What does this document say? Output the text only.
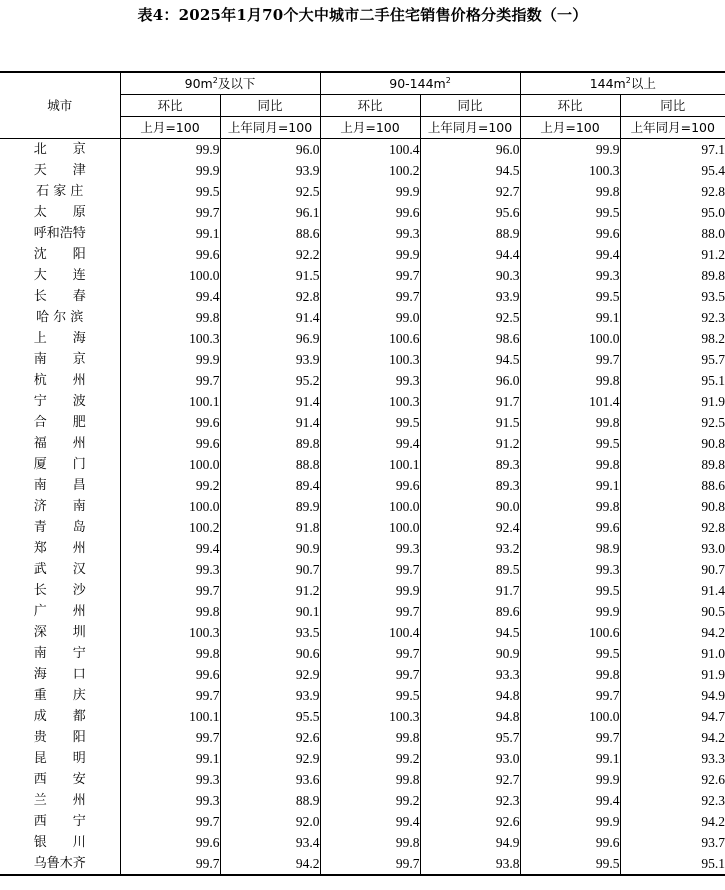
表4：2025年1月70个大中城市二手住宅销售价格分类指数（一）
城市	$90m^2$及以下		$90-144m^2$		$144m^2$以上	
	环比	同比	环比	同比	环比	同比
	上月=100	上年同月=100	上月=100	上年同月=100	上月=100	上年同月=100
北　　京	99.9	96.0	100.4	96.0	99.9	97.1
天　　津	99.9	93.9	100.2	94.5	100.3	95.4
石 家 庄	99.5	92.5	99.9	92.7	99.8	92.8
太　　原	99.7	96.1	99.6	95.6	99.5	95.0
呼和浩特	99.1	88.6	99.3	88.9	99.6	88.0
沈　　阳	99.6	92.2	99.9	94.4	99.4	91.2
大　　连	100.0	91.5	99.7	90.3	99.3	89.8
长　　春	99.4	92.8	99.7	93.9	99.5	93.5
哈 尔 滨	99.8	91.4	99.0	92.5	99.1	92.3
上　　海	100.3	96.9	100.6	98.6	100.0	98.2
南　　京	99.9	93.9	100.3	94.5	99.7	95.7
杭　　州	99.7	95.2	99.3	96.0	99.8	95.1
宁　　波	100.1	91.4	100.3	91.7	101.4	91.9
合　　肥	99.6	91.4	99.5	91.5	99.8	92.5
福　　州	99.6	89.8	99.4	91.2	99.5	90.8
厦　　门	100.0	88.8	100.1	89.3	99.8	89.8
南　　昌	99.2	89.4	99.6	89.3	99.1	88.6
济　　南	100.0	89.9	100.0	90.0	99.8	90.8
青　　岛	100.2	91.8	100.0	92.4	99.6	92.8
郑　　州	99.4	90.9	99.3	93.2	98.9	93.0
武　　汉	99.3	90.7	99.7	89.5	99.3	90.7
长　　沙	99.7	91.2	99.9	91.7	99.5	91.4
广　　州	99.8	90.1	99.7	89.6	99.9	90.5
深　　圳	100.3	93.5	100.4	94.5	100.6	94.2
南　　宁	99.8	90.6	99.7	90.9	99.5	91.0
海　　口	99.6	92.9	99.7	93.3	99.8	91.9
重　　庆	99.7	93.9	99.5	94.8	99.7	94.9
成　　都	100.1	95.5	100.3	94.8	100.0	94.7
贵　　阳	99.7	92.6	99.8	95.7	99.7	94.2
昆　　明	99.1	92.9	99.2	93.0	99.1	93.3
西　　安	99.3	93.6	99.8	92.7	99.9	92.6
兰　　州	99.3	88.9	99.2	92.3	99.4	92.3
西　　宁	99.7	92.0	99.4	92.6	99.9	94.2
银　　川	99.6	93.4	99.8	94.9	99.6	93.7
乌鲁木齐	99.7	94.2	99.7	93.8	99.5	95.1
